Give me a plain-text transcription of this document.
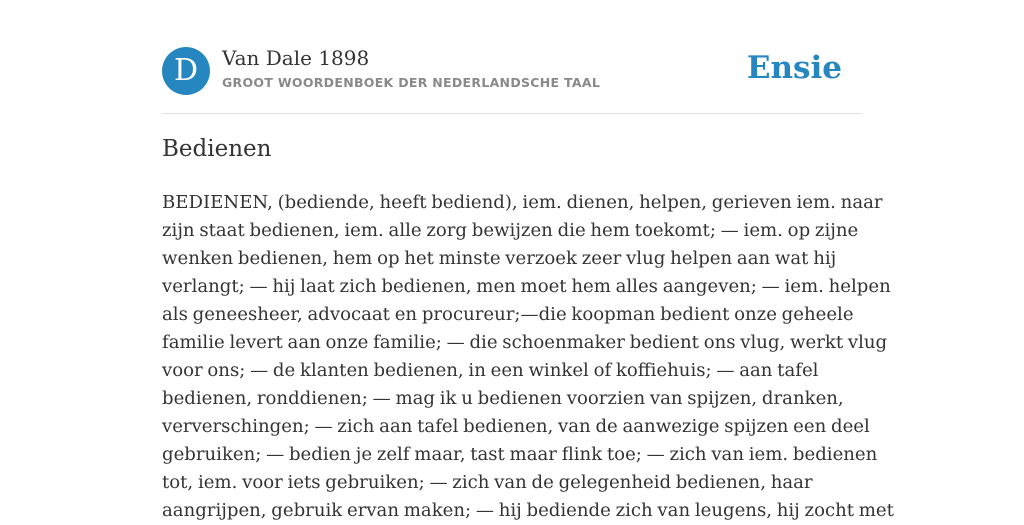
D	Van Dale 1898
GROOT WOORDENBOEK DER NEDERLANDSCHE TAAL	Ensie
Bedienen

BEDIENEN, (bediende, heeft bediend), iem. dienen, helpen, gerieven iem. naar
zijn staat bedienen, iem. alle zorg bewijzen die hem toekomt; — iem. op zijne
wenken bedienen, hem op het minste verzoek zeer vlug helpen aan wat hij
verlangt; — hij laat zich bedienen, men moet hem alles aangeven; — iem. helpen
als geneesheer, advocaat en procureur;—die koopman bedient onze geheele
familie levert aan onze familie; — die schoenmaker bedient ons vlug, werkt vlug
voor ons; — de klanten bedienen, in een winkel of koffiehuis; — aan tafel
bedienen, ronddienen; — mag ik u bedienen voorzien van spijzen, dranken,
ververschingen; — zich aan tafel bedienen, van de aanwezige spijzen een deel
gebruiken; — bedien je zelf maar, tast maar flink toe; — zich van iem. bedienen
tot, iem. voor iets gebruiken; — zich van de gelegenheid bedienen, haar
aangrijpen, gebruik ervan maken; — hij bediende zich van leugens, hij zocht met
